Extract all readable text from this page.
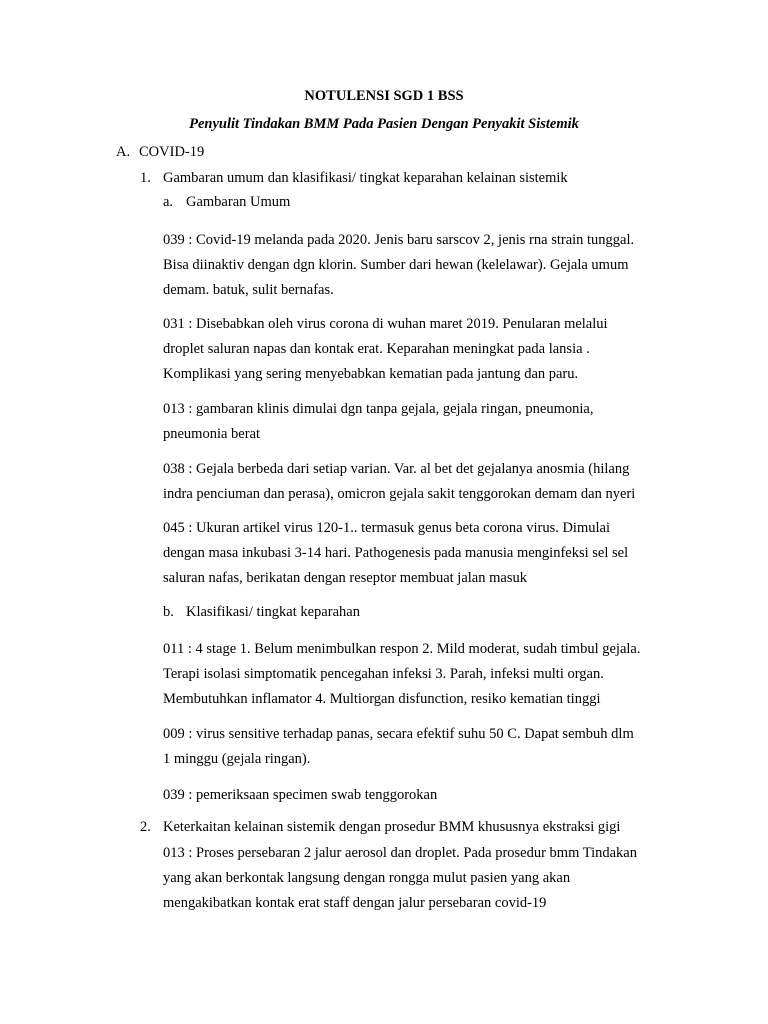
NOTULENSI SGD 1 BSS
Penyulit Tindakan BMM Pada Pasien Dengan Penyakit Sistemik
A. COVID-19
1. Gambaran umum dan klasifikasi/ tingkat keparahan kelainan sistemik
a. Gambaran Umum

039 : Covid-19 melanda pada 2020. Jenis baru sarscov 2, jenis rna strain tunggal.

Bisa diinaktiv dengan dgn klorin. Sumber dari hewan (kelelawar). Gejala umum

demam. batuk, sulit bernafas.

031 : Disebabkan oleh virus corona di wuhan maret 2019. Penularan melalui

droplet saluran napas dan kontak erat. Keparahan meningkat pada lansia .

Komplikasi yang sering menyebabkan kematian pada jantung dan paru.

013 : gambaran klinis dimulai dgn tanpa gejala, gejala ringan, pneumonia,

pneumonia berat

038 : Gejala berbeda dari setiap varian. Var. al bet det gejalanya anosmia (hilang

indra penciuman dan perasa), omicron gejala sakit tenggorokan demam dan nyeri

045 : Ukuran artikel virus 120-1.. termasuk genus beta corona virus. Dimulai

dengan masa inkubasi 3-14 hari. Pathogenesis pada manusia menginfeksi sel sel

saluran nafas, berikatan dengan reseptor membuat jalan masuk

b. Klasifikasi/ tingkat keparahan

011 : 4 stage 1. Belum menimbulkan respon 2. Mild moderat, sudah timbul gejala.

Terapi isolasi simptomatik pencegahan infeksi 3. Parah, infeksi multi organ.

Membutuhkan inflamator 4. Multiorgan disfunction, resiko kematian tinggi

009 : virus sensitive terhadap panas, secara efektif suhu 50 C. Dapat sembuh dlm

1 minggu (gejala ringan).

039 : pemeriksaan specimen swab tenggorokan

2. Keterkaitan kelainan sistemik dengan prosedur BMM khususnya ekstraksi gigi

013 : Proses persebaran 2 jalur aerosol dan droplet. Pada prosedur bmm Tindakan

yang akan berkontak langsung dengan rongga mulut pasien yang akan

mengakibatkan kontak erat staff dengan jalur persebaran covid-19
